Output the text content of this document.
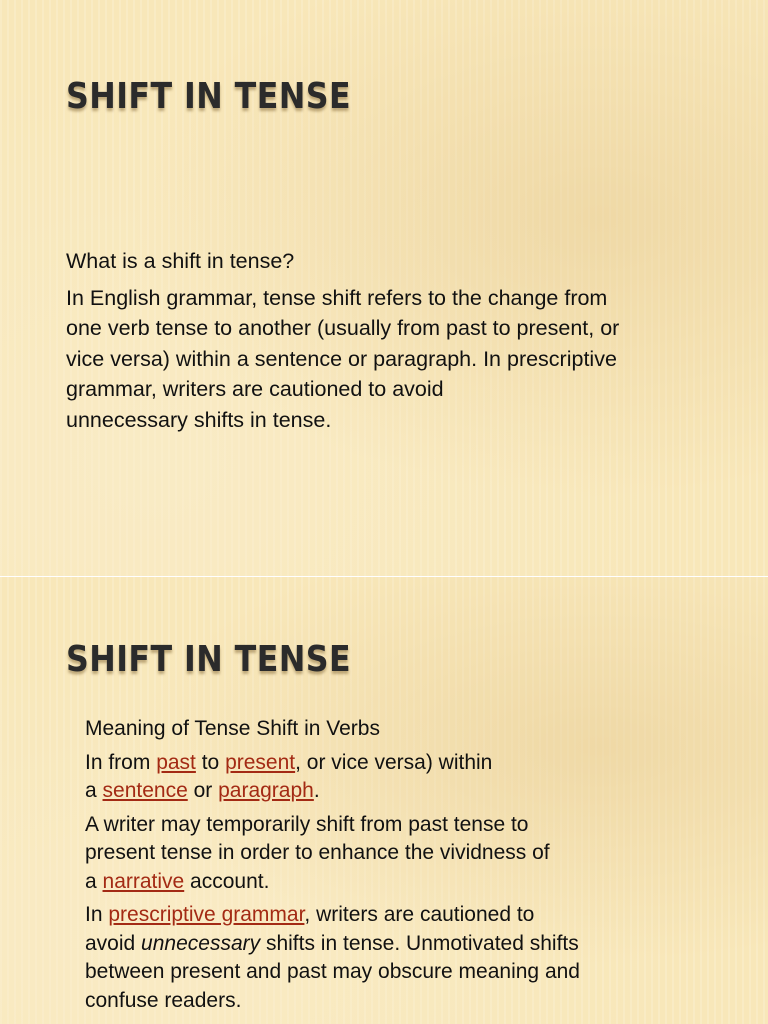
SHIFT IN TENSE

What is a shift in tense?

In English grammar, tense shift refers to the change from
one verb tense to another (usually from past to present, or
vice versa) within a sentence or paragraph. In prescriptive
grammar, writers are cautioned to avoid
unnecessary shifts in tense.

SHIFT IN TENSE

Meaning of Tense Shift in Verbs

In from past to present, or vice versa) within
a sentence or paragraph.

A writer may temporarily shift from past tense to
present tense in order to enhance the vividness of
a narrative account.

In prescriptive grammar, writers are cautioned to
avoid unnecessary shifts in tense. Unmotivated shifts
between present and past may obscure meaning and
confuse readers.
